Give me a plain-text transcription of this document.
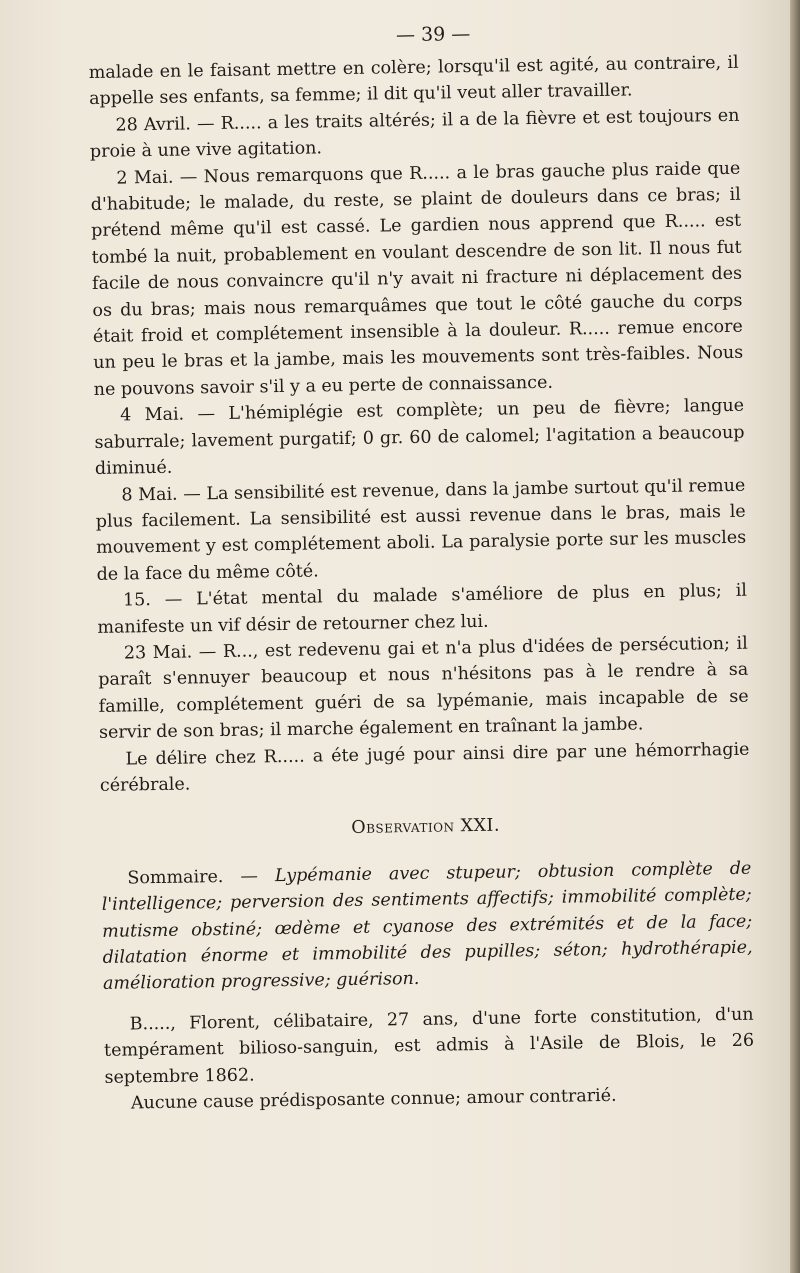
— 39 —

malade en le faisant mettre en colère; lorsqu'il est agité, au contraire, il appelle ses enfants, sa femme; il dit qu'il veut aller travailler.

28 Avril. — R..... a les traits altérés; il a de la fièvre et est toujours en proie à une vive agitation.

2 Mai. — Nous remarquons que R..... a le bras gauche plus raide que d'habitude; le malade, du reste, se plaint de douleurs dans ce bras; il prétend même qu'il est cassé. Le gardien nous apprend que R..... est tombé la nuit, probablement en voulant descendre de son lit. Il nous fut facile de nous convaincre qu'il n'y avait ni fracture ni déplacement des os du bras; mais nous remarquâmes que tout le côté gauche du corps était froid et complétement insensible à la douleur. R..... remue encore un peu le bras et la jambe, mais les mouvements sont très-faibles. Nous ne pouvons savoir s'il y a eu perte de connaissance.

4 Mai. — L'hémiplégie est complète; un peu de fièvre; langue saburrale; lavement purgatif; 0 gr. 60 de calomel; l'agitation a beaucoup diminué.

8 Mai. — La sensibilité est revenue, dans la jambe surtout qu'il remue plus facilement. La sensibilité est aussi revenue dans le bras, mais le mouvement y est complétement aboli. La paralysie porte sur les muscles de la face du même côté.

15. — L'état mental du malade s'améliore de plus en plus; il manifeste un vif désir de retourner chez lui.

23 Mai. — R..., est redevenu gai et n'a plus d'idées de persécution; il paraît s'ennuyer beaucoup et nous n'hésitons pas à le rendre à sa famille, complétement guéri de sa lypémanie, mais incapable de se servir de son bras; il marche également en traînant la jambe.

Le délire chez R..... a éte jugé pour ainsi dire par une hémorrhagie cérébrale.

Observation XXI.

Sommaire. — Lypémanie avec stupeur; obtusion complète de l'intelligence; perversion des sentiments affectifs; immobilité complète; mutisme obstiné; œdème et cyanose des extrémités et de la face; dilatation énorme et immobilité des pupilles; séton; hydrothérapie, amélioration progressive; guérison.

B....., Florent, célibataire, 27 ans, d'une forte constitution, d'un tempérament bilioso-sanguin, est admis à l'Asile de Blois, le 26 septembre 1862.

Aucune cause prédisposante connue; amour contrarié.
